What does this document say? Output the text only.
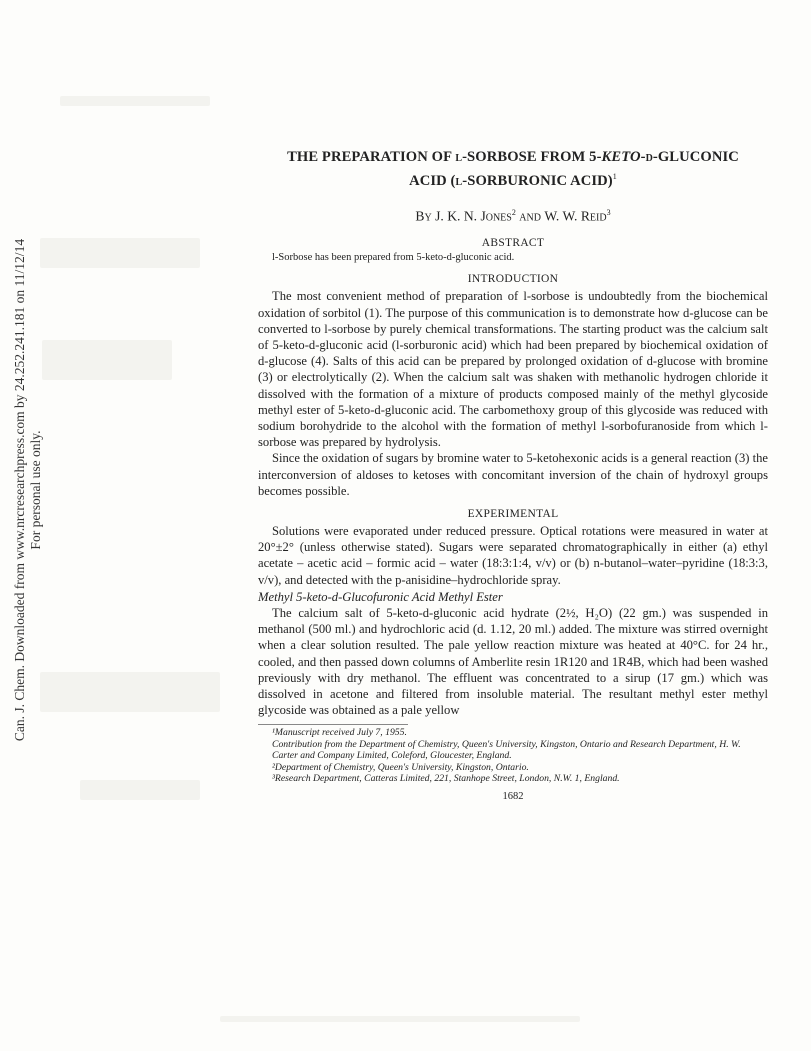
Can. J. Chem. Downloaded from www.nrcresearchpress.com by 24.252.241.181 on 11/12/14 For personal use only.
THE PREPARATION OF l-SORBOSE FROM 5-KETO-d-GLUCONIC
ACID (l-SORBURONIC ACID)$^1$
By J. K. N. Jones$^2$ and W. W. Reid$^3$
ABSTRACT
l-Sorbose has been prepared from 5-keto-d-gluconic acid.
INTRODUCTION

The most convenient method of preparation of l-sorbose is undoubtedly from the biochemical oxidation of sorbitol (1). The purpose of this communication is to demonstrate how d-glucose can be converted to l-sorbose by purely chemical transformations. The starting product was the calcium salt of 5-keto-d-gluconic acid (l-sorburonic acid) which had been prepared by biochemical oxidation of d-glucose (4). Salts of this acid can be prepared by prolonged oxidation of d-glucose with bromine (3) or electrolytically (2). When the calcium salt was shaken with methanolic hydrogen chloride it dissolved with the formation of a mixture of products composed mainly of the methyl glycoside methyl ester of 5-keto-d-gluconic acid. The carbomethoxy group of this glycoside was reduced with sodium borohydride to the alcohol with the formation of methyl l-sorbofuranoside from which l-sorbose was prepared by hydrolysis.

Since the oxidation of sugars by bromine water to 5-ketohexonic acids is a general reaction (3) the interconversion of aldoses to ketoses with concomitant inversion of the chain of hydroxyl groups becomes possible.

EXPERIMENTAL

Solutions were evaporated under reduced pressure. Optical rotations were measured in water at 20°±2° (unless otherwise stated). Sugars were separated chromatographically in either (a) ethyl acetate – acetic acid – formic acid – water (18:3:1:4, v/v) or (b) n-butanol–water–pyridine (18:3:3, v/v), and detected with the p-anisidine–hydrochloride spray.

Methyl 5-keto-d-Glucofuronic Acid Methyl Ester

The calcium salt of 5-keto-d-gluconic acid hydrate (2½, H₂O) (22 gm.) was suspended in methanol (500 ml.) and hydrochloric acid (d. 1.12, 20 ml.) added. The mixture was stirred overnight when a clear solution resulted. The pale yellow reaction mixture was heated at 40°C. for 24 hr., cooled, and then passed down columns of Amberlite resin 1R120 and 1R4B, which had been washed previously with dry methanol. The effluent was concentrated to a sirup (17 gm.) which was dissolved in acetone and filtered from insoluble material. The resultant methyl ester methyl glycoside was obtained as a pale yellow

¹Manuscript received July 7, 1955.

Contribution from the Department of Chemistry, Queen's University, Kingston, Ontario and Research Department, H. W. Carter and Company Limited, Coleford, Gloucester, England.

²Department of Chemistry, Queen's University, Kingston, Ontario.

³Research Department, Catteras Limited, 221, Stanhope Street, London, N.W. 1, England.

1682
